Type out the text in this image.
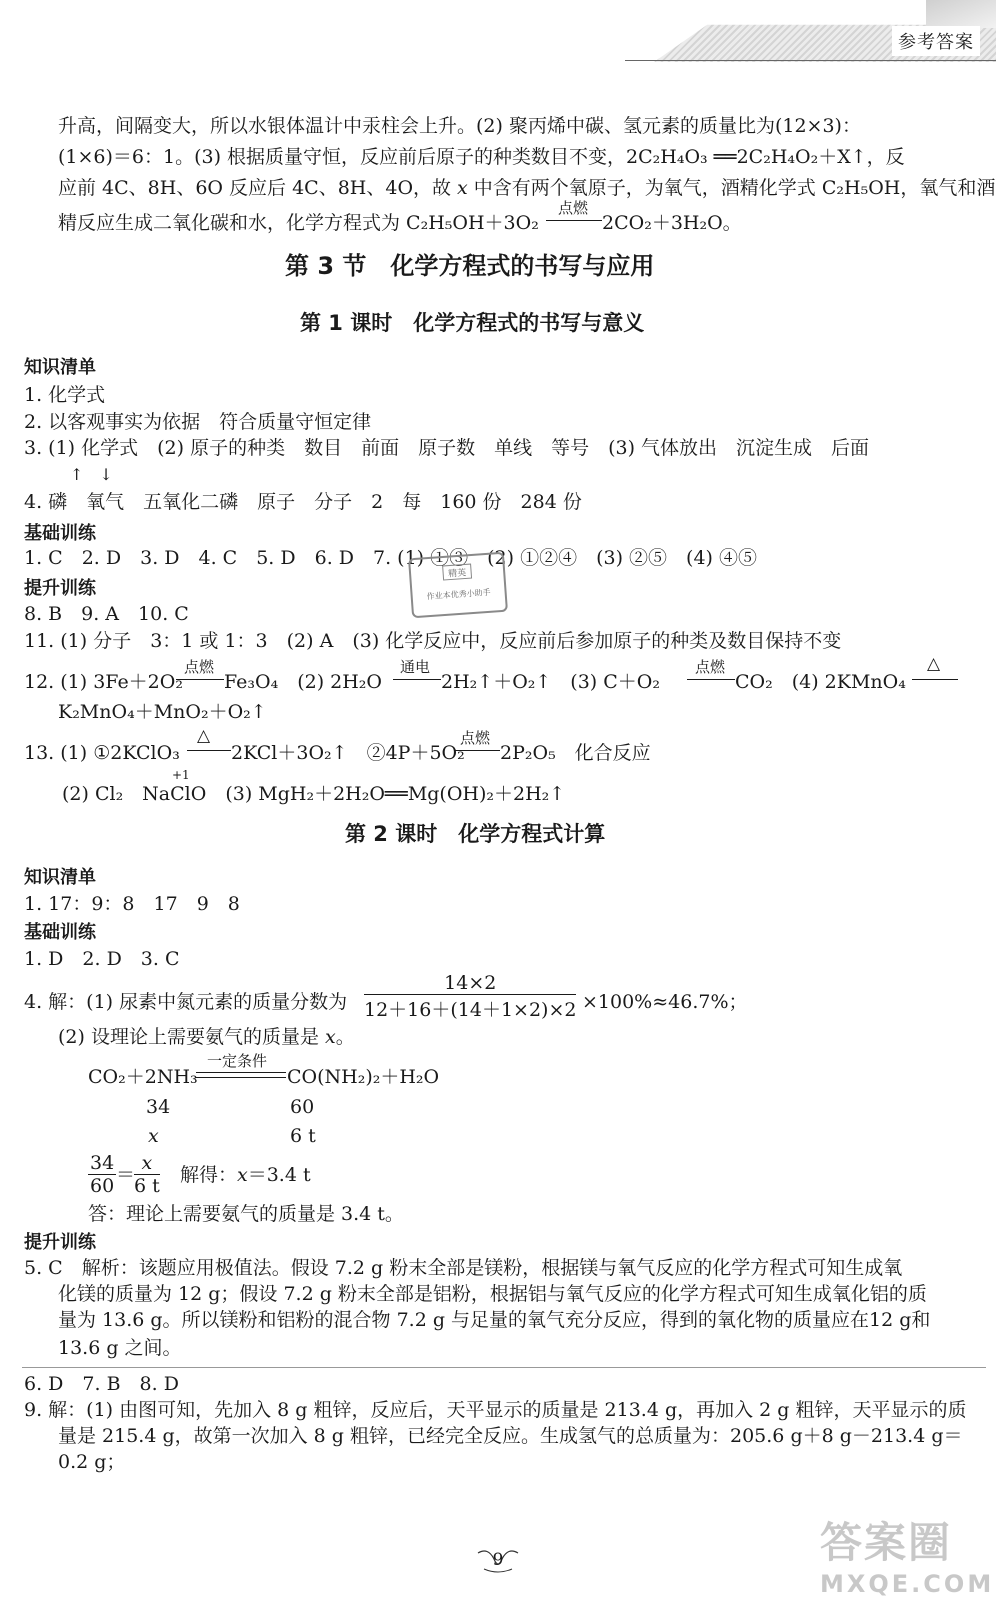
参考答案
升高，间隔变大，所以水银体温计中汞柱会上升。(2) 聚丙烯中碳、氢元素的质量比为(12×3)：
(1×6)＝6：1。(3) 根据质量守恒，反应前后原子的种类数目不变，2C₂H₄O₃ ══2C₂H₄O₂＋X↑，反
应前 4C、8H、6O 反应后 4C、8H、4O，故 𝑥 中含有两个氧原子，为氧气，酒精化学式 C₂H₅OH，氧气和酒
精反应生成二氧化碳和水，化学方程式为 C₂H₅OH＋3O₂
点燃
2CO₂＋3H₂O。
第 3 节　化学方程式的书写与应用
第 1 课时　化学方程式的书写与意义
知识清单
1. 化学式
2. 以客观事实为依据　符合质量守恒定律
3. (1) 化学式　(2) 原子的种类　数目　前面　原子数　单线　等号　(3) 气体放出　沉淀生成　后面
↑　↓
4. 磷　氧气　五氧化二磷　原子　分子　2　每　160 份　284 份
基础训练
1. C　2. D　3. D　4. C　5. D　6. D　7. (1) ①③　(2) ①②④　(3) ②⑤　(4) ④⑤
精英
作业本优秀小助手
提升训练
8. B　9. A　10. C
11. (1) 分子　3：1 或 1：3　(2) A　(3) 化学反应中，反应前后参加原子的种类及数目保持不变
12. (1) 3Fe＋2O₂
点燃
Fe₃O₄　(2) 2H₂O
通电
2H₂↑＋O₂↑　(3) C＋O₂
点燃
CO₂　(4) 2KMnO₄
△
K₂MnO₄＋MnO₂＋O₂↑
13. (1) ①2KClO₃
△
2KCl＋3O₂↑　②4P＋5O₂
点燃
2P₂O₅　化合反应
+1
(2) Cl₂　NaClO　(3) MgH₂＋2H₂O══Mg(OH)₂＋2H₂↑
第 2 课时　化学方程式计算
知识清单
1. 17：9：8　17　9　8
基础训练
1. D　2. D　3. C
4. 解：(1) 尿素中氮元素的质量分数为 $\frac{14\times 2}{12+16+(14+1\times 2)\times 2} \times 100\%\approx 46.7\%$；
(2) 设理论上需要氨气的质量是 𝑥。
CO₂＋2NH₃
一定条件
CO(NH₂)₂＋H₂O
34	60
𝑥	6 t
$\frac{34}{60}$ ＝
𝑥
6 t 解得：𝑥＝3.4 t
答：理论上需要氨气的质量是 3.4 t。
提升训练
5. C　解析：该题应用极值法。假设 7.2 g 粉末全部是镁粉，根据镁与氧气反应的化学方程式可知生成氧
化镁的质量为 12 g；假设 7.2 g 粉末全部是铝粉，根据铝与氧气反应的化学方程式可知生成氧化铝的质
量为 13.6 g。所以镁粉和铝粉的混合物 7.2 g 与足量的氧气充分反应，得到的氧化物的质量应在12 g和
13.6 g 之间。
6. D　7. B　8. D
9. 解：(1) 由图可知，先加入 8 g 粗锌，反应后，天平显示的质量是 213.4 g，再加入 2 g 粗锌，天平显示的质
量是 215.4 g，故第一次加入 8 g 粗锌，已经完全反应。生成氢气的总质量为：205.6 g＋8 g－213.4 g＝
0.2 g；
9	答案圈
MXQE.COM
